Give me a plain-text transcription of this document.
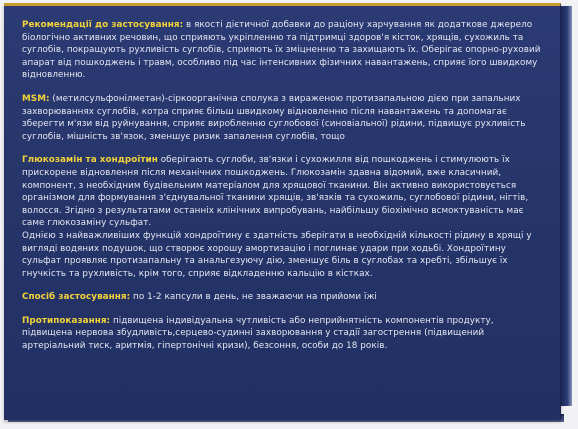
Рекомендації до застосування: в якості дієтичної добавки до раціону харчування як додаткове джерело біологічно активних речовин, що сприяють укріпленню та підтримці здоров'я кісток, хрящів, сухожиль та суглобів, покращують рухливість суглобів, сприяють їх зміцненню та захищають їх. Оберігає опорно-руховий апарат від пошкоджень і травм, особливо під час інтенсивних фізичних навантажень, сприяє їого швидкому відновленню.

MSM: (метилсульфонілметан)-сіркоорганічна сполука з вираженою протизапальною дією при запальних захворюваннях суглобів, котра сприяє більш швидкому відновленню після навантажень та допомагає зберегти м'язи від руйнування, сприяє виробленню суглобової (синовіальної) рідини, підвищує рухливість суглобів, мішність зв'язок, зменшує ризик запалення суглобів, тощо

Глюкозамін та хондроїтин оберігають суглоби, зв'язки і сухожилля від пошкоджень і стимулюють їх прискорене відновлення після механічних пошкоджень. Глюкозамін здавна відомий, вже класичний, компонент, з необхідним будівельним матеріалом для хрящової тканини. Він активно використовується організмом для формування з'єднувальної тканини хрящів, зв'язків та сухожиль, суглобової рідини, нігтів, волосся. Згідно з результатами останніх клінічних випробувань, найбільшу біохімічно всмоктуваність має саме глюкозаміну сульфат.

Однією з найважливіших функцій хондроїтину є здатність зберігати в необхідній кількості рідину в хрящі у вигляді водяних подушок, що створює хорошу амортизацію і поглинає удари при ходьбі. Хондроїтину сульфат проявляє протизапальну та анальгезуючу дію, зменшує біль в суглобах та хребті, збільшує їх гнучкість та рухливість, крім того, сприяє відкладенню кальцію в кістках.

Спосіб застосування: по 1-2 капсули в день, не зважаючи на прийоми їжі

Протипоказання: підвищена індивідуальна чутливість або неприйнятність компонентів продукту, підвищена нервова збудливість,серцево-судинні захворювання у стадії загострення (підвищений артеріальний тиск, аритмія, гіпертонічні кризи), безсоння, особи до 18 років.
